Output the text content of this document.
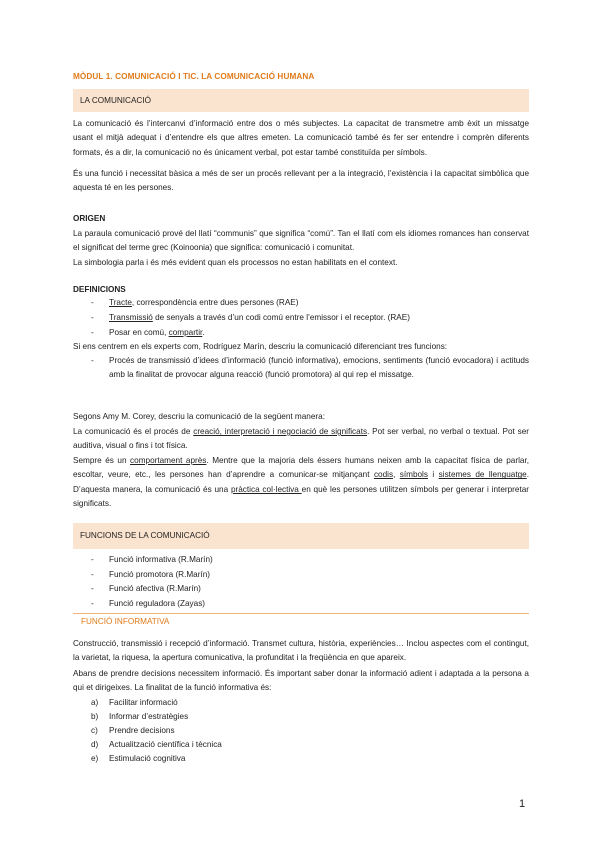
MÒDUL 1. COMUNICACIÓ I TIC. LA COMUNICACIÓ HUMANA
LA COMUNICACIÓ
La comunicació és l’intercanvi d’informació entre dos o més subjectes. La capacitat de transmetre amb èxit un missatge usant el mitjà adequat i d’entendre els que altres emeten. La comunicació també és fer ser entendre i comprèn diferents formats, és a dir, la comunicació no és únicament verbal, pot estar també constituïda per símbols.
És una funció i necessitat bàsica a més de ser un procés rellevant per a la integració, l’existència i la capacitat simbòlica que aquesta té en les persones.
ORIGEN
La paraula comunicació prové del llatí “communis” que significa “comú”. Tan el llatí com els idiomes romances han conservat el significat del terme grec (Koinoonia) que significa: comunicació i comunitat.
La simbologia parla i és més evident quan els processos no estan habilitats en el context.
DEFINICIONS
- Tracte, correspondència entre dues persones (RAE)
- Transmissió de senyals a través d’un codi comú entre l’emissor i el receptor. (RAE)
- Posar en comú, compartir.
Si ens centrem en els experts com, Rodríguez Marín, descriu la comunicació diferenciant tres funcions:
- Procés de transmissió d’idees d’informació (funció informativa), emocions, sentiments (funció evocadora) i actituds amb la finalitat de provocar alguna reacció (funció promotora) al qui rep el missatge.
Segons Amy M. Corey, descriu la comunicació de la següent manera:
La comunicació és el procés de creació, interpretació i negociació de significats. Pot ser verbal, no verbal o textual. Pot ser auditiva, visual o fins i tot física.
Sempre és un comportament après. Mentre que la majoria dels éssers humans neixen amb la capacitat física de parlar, escoltar, veure, etc., les persones han d’aprendre a comunicar-se mitjançant codis, símbols i sistemes de llenguatge. D’aquesta manera, la comunicació és una pràctica col·lectiva en què les persones utilitzen símbols per generar i interpretar significats.
FUNCIONS DE LA COMUNICACIÓ
- Funció informativa (R.Marín)
- Funció promotora (R.Marín)
- Funció afectiva (R.Marín)
- Funció reguladora (Zayas)
FUNCIÓ INFORMATIVA
Construcció, transmissió i recepció d’informació. Transmet cultura, història, experiències… Inclou aspectes com el contingut, la varietat, la riquesa, la apertura comunicativa, la profunditat i la freqüència en que apareix.
Abans de prendre decisions necessitem informació. És important saber donar la informació adient i adaptada a la persona a qui et dirigeixes. La finalitat de la funció informativa és:
a) Facilitar informació
b) Informar d’estratègies
c) Prendre decisions
d) Actualització científica i tècnica
e) Estimulació cognitiva
1
